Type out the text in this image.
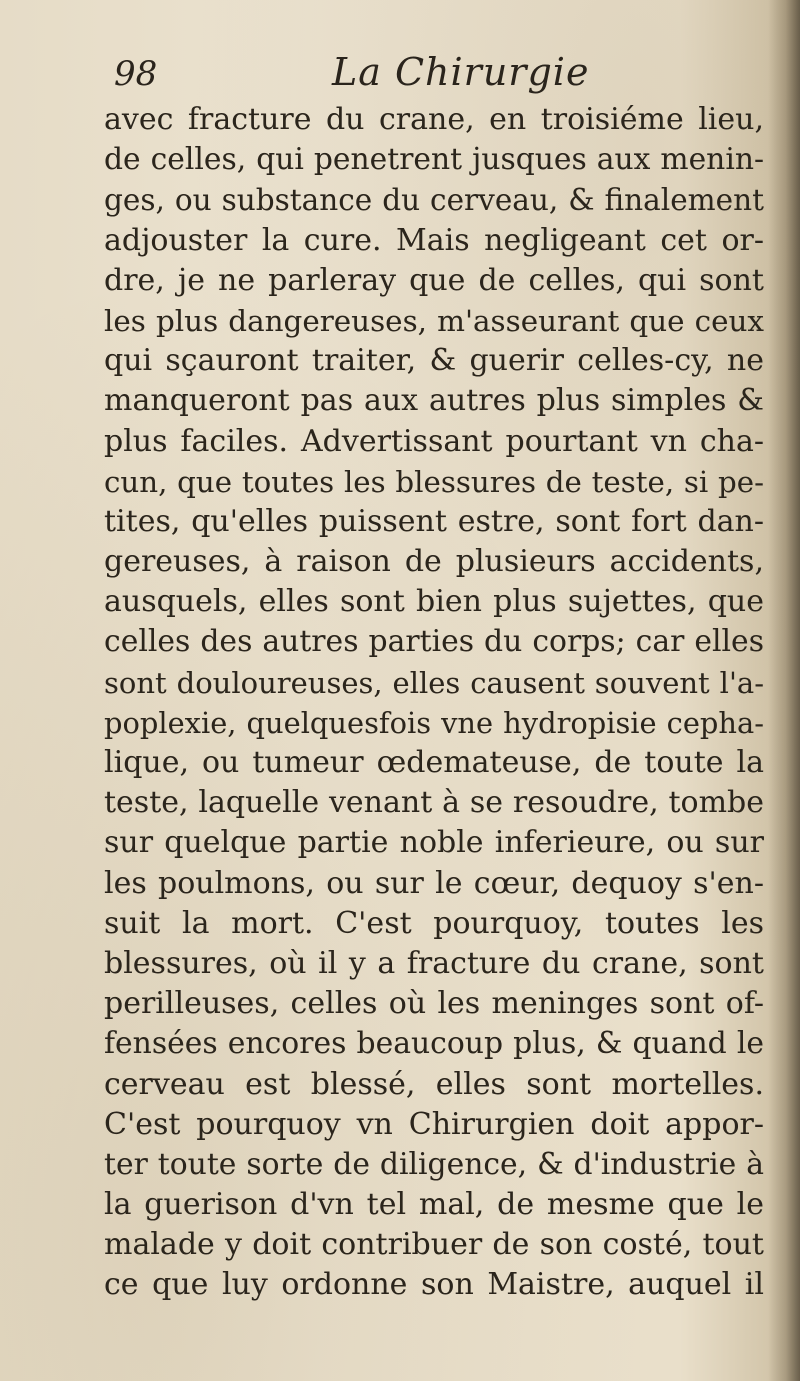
98	La Chirurgie
avec fracture du crane, en troisiéme lieu,
de celles, qui penetrent jusques aux menin-
ges, ou substance du cerveau, & finalement
adjouster la cure. Mais negligeant cet or-
dre, je ne parleray que de celles, qui sont
les plus dangereuses, m'asseurant que ceux
qui sçauront traiter, & guerir celles-cy, ne
manqueront pas aux autres plus simples &
plus faciles. Advertissant pourtant vn cha-
cun, que toutes les blessures de teste, si pe-
tites, qu'elles puissent estre, sont fort dan-
gereuses, à raison de plusieurs accidents,
ausquels, elles sont bien plus sujettes, que
celles des autres parties du corps; car elles
sont douloureuses, elles causent souvent l'a-
poplexie, quelquesfois vne hydropisie cepha-
lique, ou tumeur œdemateuse, de toute la
teste, laquelle venant à se resoudre, tombe
sur quelque partie noble inferieure, ou sur
les poulmons, ou sur le cœur, dequoy s'en-
suit la mort. C'est pourquoy, toutes les
blessures, où il y a fracture du crane, sont
perilleuses, celles où les meninges sont of-
fensées encores beaucoup plus, & quand le
cerveau est blessé, elles sont mortelles.
C'est pourquoy vn Chirurgien doit appor-
ter toute sorte de diligence, & d'industrie à
la guerison d'vn tel mal, de mesme que le
malade y doit contribuer de son costé, tout
ce que luy ordonne son Maistre, auquel il
